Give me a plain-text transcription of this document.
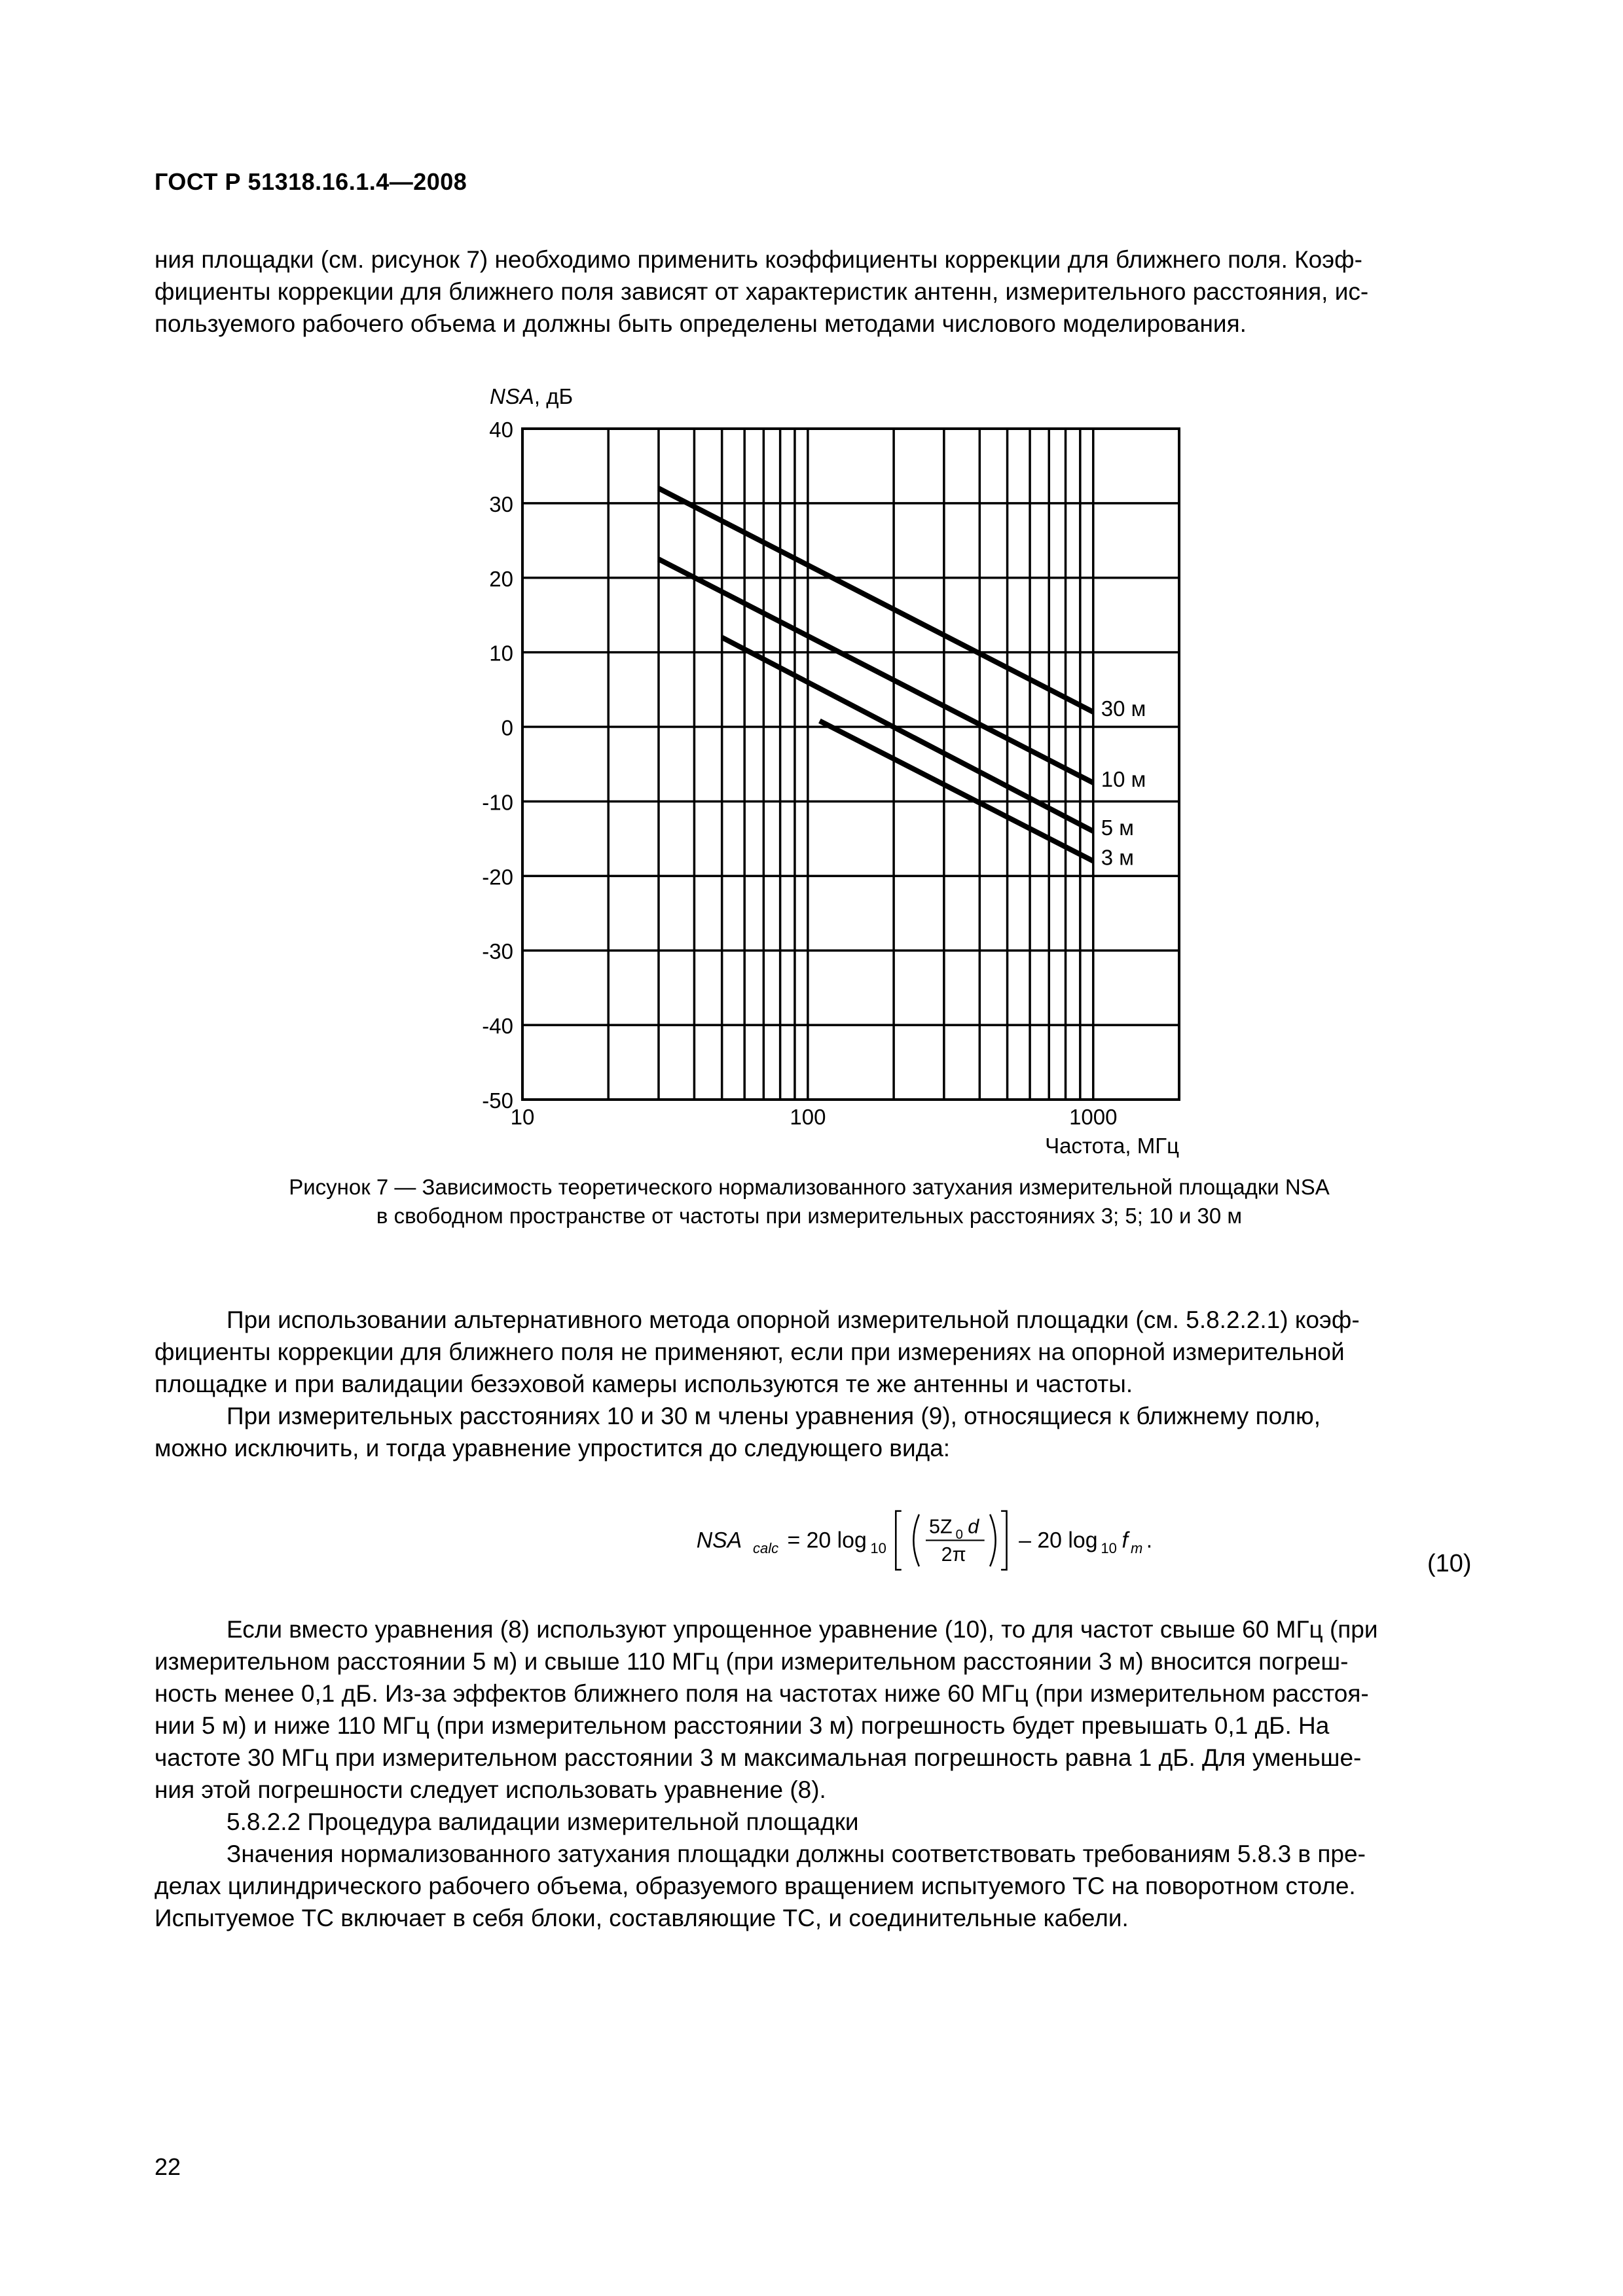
ГОСТ Р 51318.16.1.4—2008

ния площадки (см. рисунок 7) необходимо применить коэффициенты коррекции для ближнего поля. Коэф-

фициенты коррекции для ближнего поля зависят от характеристик антенн, измерительного расстояния, ис-

пользуемого рабочего объема и должны быть определены методами числового моделирования.

30 м
10 м
5 м
3 м
40
30
20
10
0
-10
-20
-30
-40
-50
10	100	1000
NSA, дБ
Частота, МГц
Рисунок 7 — Зависимость теоретического нормализованного затухания измерительной площадки NSA
в свободном пространстве от частоты при измерительных расстояниях 3; 5; 10 и 30 м

При использовании альтернативного метода опорной измерительной площадки (см. 5.8.2.2.1) коэф-

фициенты коррекции для ближнего поля не применяют, если при измерениях на опорной измерительной

площадке и при валидации безэховой камеры используются те же антенны и частоты.

При измерительных расстояниях 10 и 30 м члены уравнения (9), относящиеся к ближнему полю,

можно исключить, и тогда уравнение упростится до следующего вида:

NSA calc = 20 log 10
5Z 0 d
2π
– 20 log 10 f m .
(10)

Если вместо уравнения (8) используют упрощенное уравнение (10), то для частот свыше 60 МГц (при

измерительном расстоянии 5 м) и свыше 110 МГц (при измерительном расстоянии 3 м) вносится погреш-

ность менее 0,1 дБ. Из-за эффектов ближнего поля на частотах ниже 60 МГц (при измерительном расстоя-

нии 5 м) и ниже 110 МГц (при измерительном расстоянии 3 м) погрешность будет превышать 0,1 дБ. На

частоте 30 МГц при измерительном расстоянии 3 м максимальная погрешность равна 1 дБ. Для уменьше-

ния этой погрешности следует использовать уравнение (8).

5.8.2.2 Процедура валидации измерительной площадки

Значения нормализованного затухания площадки должны соответствовать требованиям 5.8.3 в пре-

делах цилиндрического рабочего объема, образуемого вращением испытуемого ТС на поворотном столе.

Испытуемое ТС включает в себя блоки, составляющие ТС, и соединительные кабели.

22
